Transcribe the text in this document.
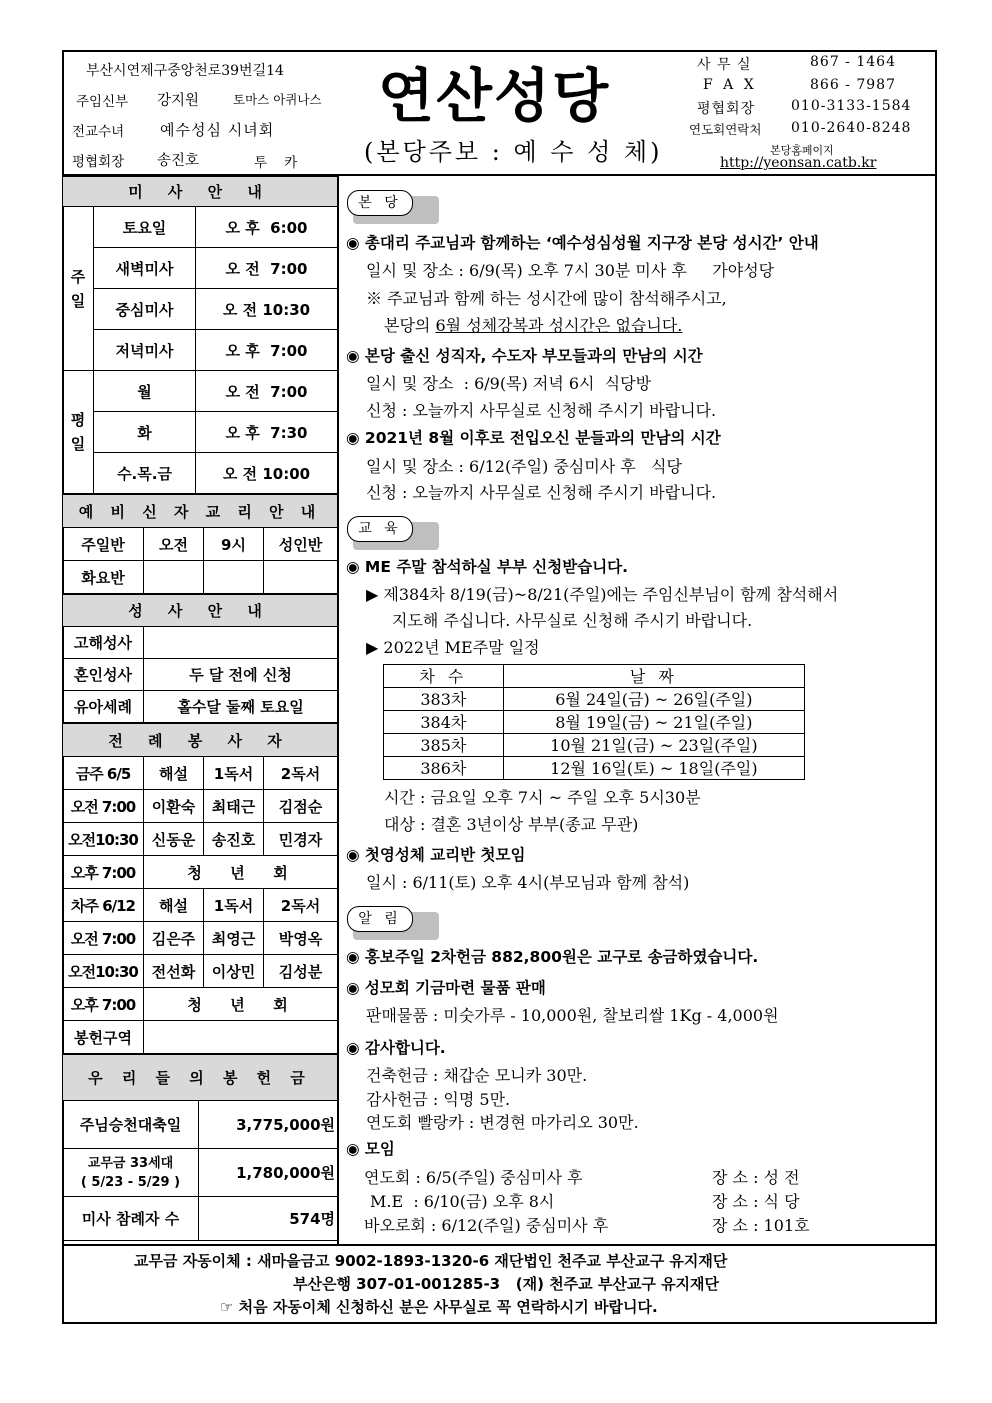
부산시연제구중앙천로39번길14
주임신부 강지원	토마스 아퀴나스
전교수녀 예수성심 시녀회
평협회장 송진호	투    카
연산성당
(본당주보 : 예 수 성 체)
사 무 실	867 - 1464
F A X	866 - 7987
평협회장	010-3133-1584
연도회연락처 010-2640-8248
본당홈페이지
http://yeonsan.catb.kr
미 사 안 내		
주
일	토요일	오 후  6:00
	새벽미사	오 전  7:00
	중심미사	오 전 10:30
	저녁미사	오 후  7:00
평
일	월	오 전  7:00
	화	오 후  7:30
	수.목.금	오 전 10:00
예 비 신 자 교 리 안 내			
주일반	오전	9시	성인반
화요반			
성 사 안 내	
고해성사	
혼인성사	두 달 전에 신청
유아세례	홀수달 둘째 토요일
전 례 봉 사 자			
금주 6/5	해설	1독서	2독서
오전 7:00	이환숙	최태근	김점순
오전10:30	신동운	송진호	민경자
오후 7:00	청  년  회		
차주 6/12	해설	1독서	2독서
오전 7:00	김은주	최영근	박영옥
오전10:30	전선화	이상민	김성분
오후 7:00	청  년  회		
봉헌구역			
우 리 들 의 봉 헌 금	
주님승천대축일	3,775,000원
교무금 33세대
( 5/23 - 5/29 )	1,780,000원
미사 참례자 수	574명
본 당
◉ 총대리 주교님과 함께하는 ‘예수성심성월 지구장 본당 성시간’ 안내
일시 및 장소 : 6/9(목) 오후 7시 30분 미사 후     가야성당
※ 주교님과 함께 하는 성시간에 많이 참석해주시고,
본당의 6월 성체강복과 성시간은 없습니다.
◉ 본당 출신 성직자, 수도자 부모들과의 만남의 시간
일시 및 장소  : 6/9(목) 저녁 6시  식당방
신청 : 오늘까지 사무실로 신청해 주시기 바랍니다.
◉ 2021년 8월 이후로 전입오신 분들과의 만남의 시간
일시 및 장소 : 6/12(주일) 중심미사 후   식당
신청 : 오늘까지 사무실로 신청해 주시기 바랍니다.
교 육
◉ ME 주말 참석하실 부부 신청받습니다.
▶ 제384차 8/19(금)~8/21(주일)에는 주임신부님이 함께 참석해서
지도해 주십니다. 사무실로 신청해 주시기 바랍니다.
▶ 2022년 ME주말 일정
차 수	날 짜
383차	6월 24일(금) ~ 26일(주일)
384차	8월 19일(금) ~ 21일(주일)
385차	10월 21일(금) ~ 23일(주일)
386차	12월 16일(토) ~ 18일(주일)
시간 : 금요일 오후 7시 ~ 주일 오후 5시30분
대상 : 결혼 3년이상 부부(종교 무관)
◉ 첫영성체 교리반 첫모임
일시 : 6/11(토) 오후 4시(부모님과 함께 참석)
알 림
◉ 홍보주일 2차헌금 882,800원은 교구로 송금하였습니다.
◉ 성모회 기금마련 물품 판매
판매물품 : 미숫가루 - 10,000원, 찰보리쌀 1Kg - 4,000원
◉ 감사합니다.
건축헌금 : 채갑순 모니카 30만.
감사헌금 : 익명 5만.
연도회 빨랑카 : 변경현 마가리오 30만.
◉ 모임
연도회 : 6/5(주일) 중심미사 후	장 소 : 성 전
M.E  : 6/10(금) 오후 8시	장 소 : 식 당
바오로회 : 6/12(주일) 중심미사 후	장 소 : 101호
교무금 자동이체 : 새마을금고 9002-1893-1320-6 재단법인 천주교 부산교구 유지재단
부산은행 307-01-001285-3   (재) 천주교 부산교구 유지재단
☞ 처음 자동이체 신청하신 분은 사무실로 꼭 연락하시기 바랍니다.
